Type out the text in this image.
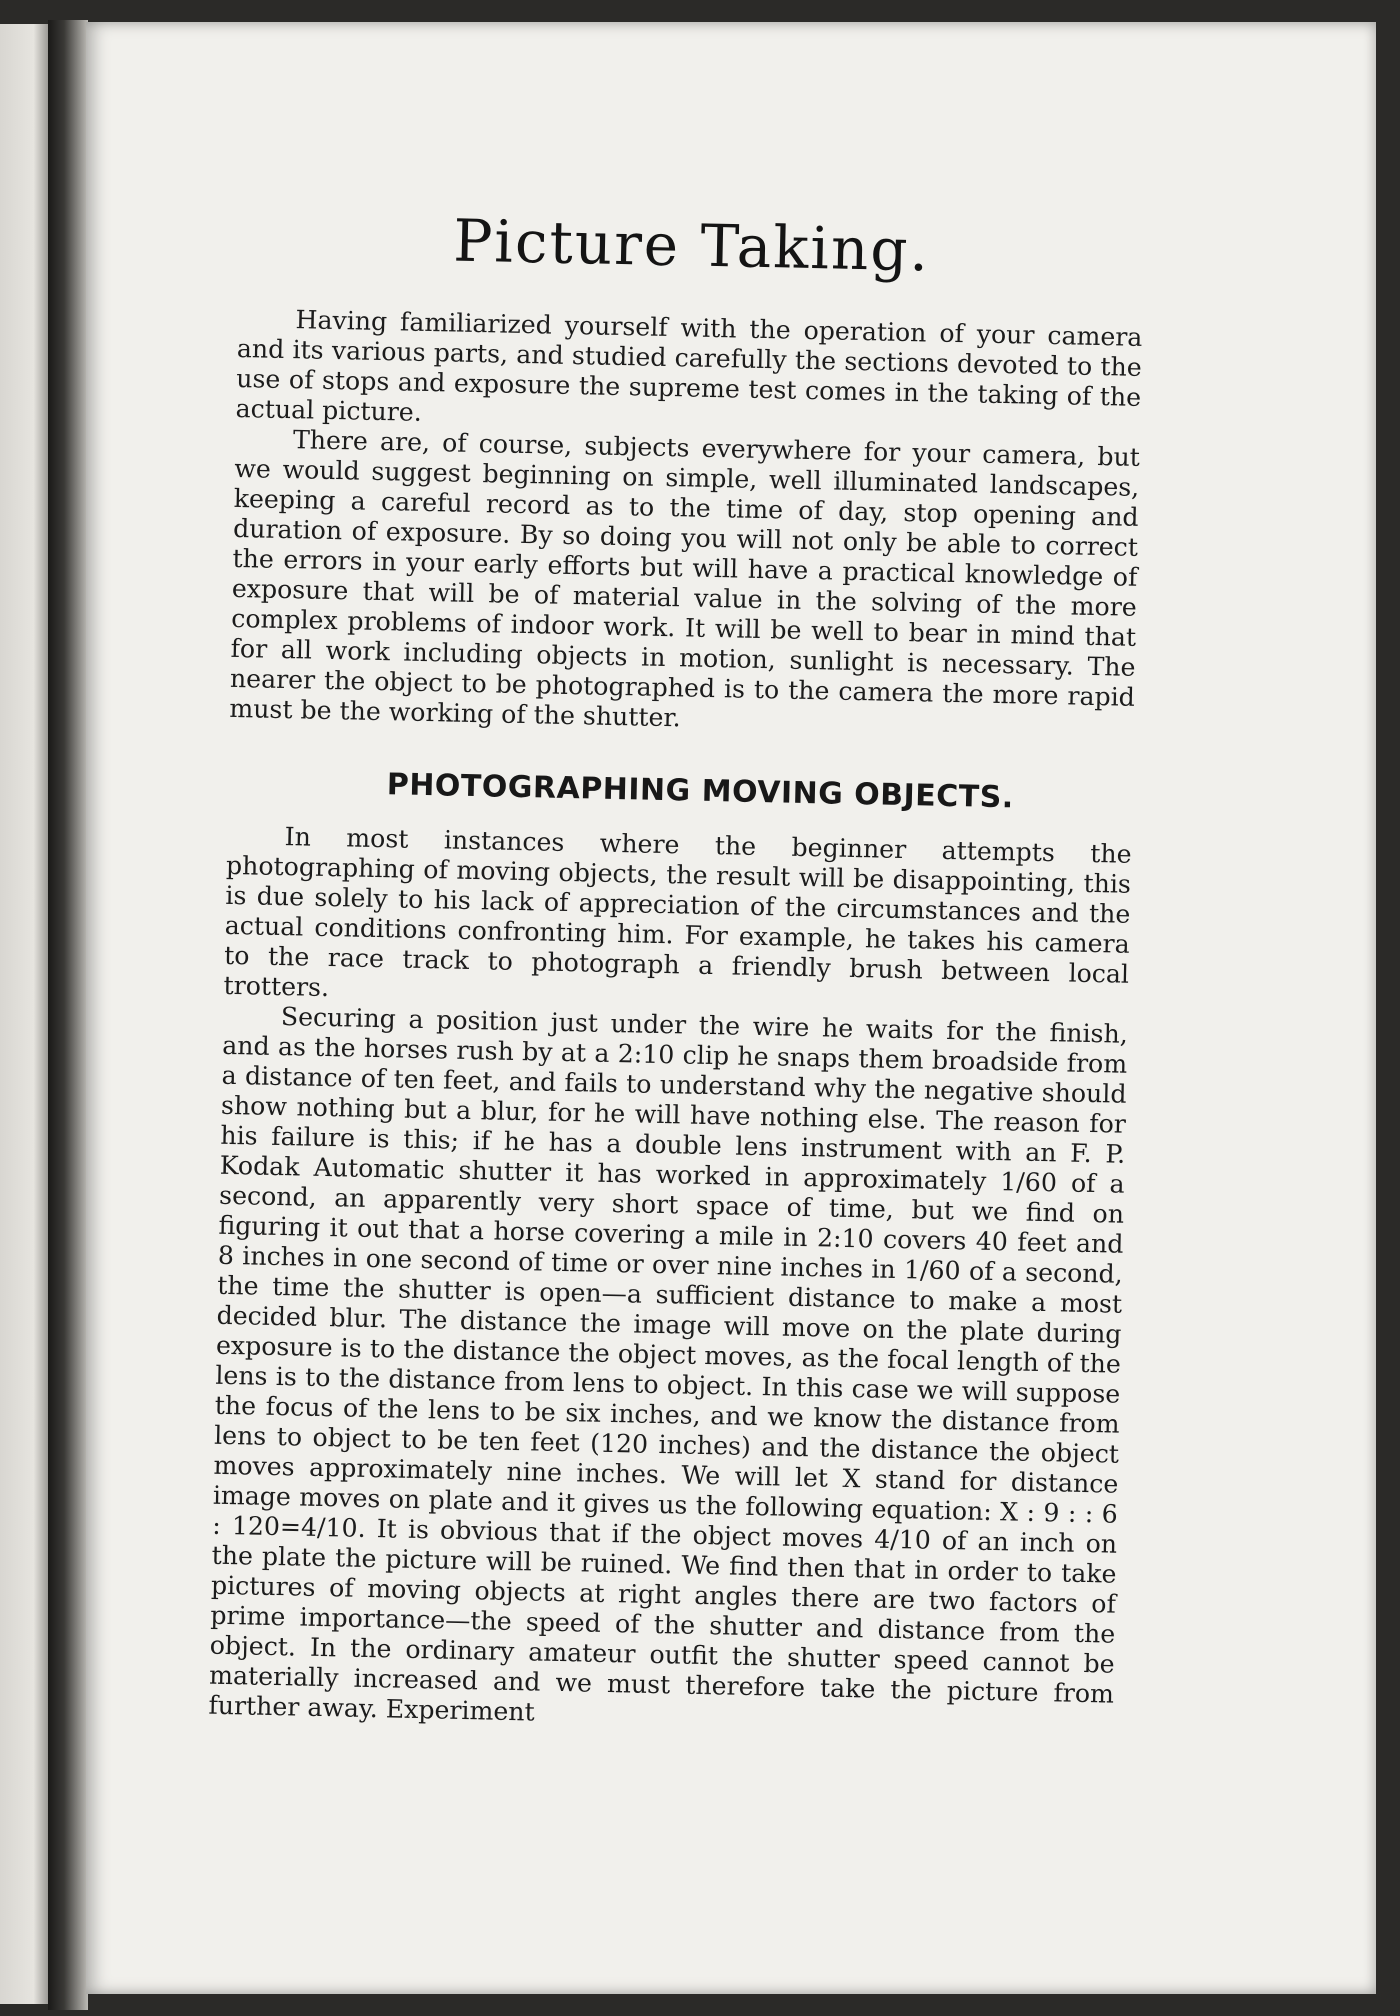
Picture Taking.

Having familiarized yourself with the operation of your camera and its various parts, and studied carefully the sections devoted to the use of stops and exposure the supreme test comes in the taking of the actual picture.

There are, of course, subjects everywhere for your camera, but we would suggest beginning on simple, well illuminated landscapes, keeping a careful record as to the time of day, stop opening and duration of exposure. By so doing you will not only be able to correct the errors in your early efforts but will have a practical knowledge of exposure that will be of material value in the solving of the more complex problems of indoor work. It will be well to bear in mind that for all work including objects in motion, sunlight is necessary. The nearer the object to be photographed is to the camera the more rapid must be the working of the shutter.

PHOTOGRAPHING MOVING OBJECTS.

In most instances where the beginner attempts the photographing of moving objects, the result will be disappointing, this is due solely to his lack of appreciation of the circumstances and the actual conditions confronting him. For example, he takes his camera to the race track to photograph a friendly brush between local trotters.

Securing a position just under the wire he waits for the finish, and as the horses rush by at a 2:10 clip he snaps them broadside from a distance of ten feet, and fails to understand why the negative should show nothing but a blur, for he will have nothing else. The reason for his failure is this; if he has a double lens instrument with an F. P. Kodak Automatic shutter it has worked in approximately 1/60 of a second, an apparently very short space of time, but we find on figuring it out that a horse covering a mile in 2:10 covers 40 feet and 8 inches in one second of time or over nine inches in 1/60 of a second, the time the shutter is open—a sufficient distance to make a most decided blur. The distance the image will move on the plate during exposure is to the distance the object moves, as the focal length of the lens is to the distance from lens to object. In this case we will suppose the focus of the lens to be six inches, and we know the distance from lens to object to be ten feet (120 inches) and the distance the object moves approximately nine inches. We will let X stand for distance image moves on plate and it gives us the following equation: X : 9 : : 6 : 120=4/10. It is obvious that if the object moves 4/10 of an inch on the plate the picture will be ruined. We find then that in order to take pictures of moving objects at right angles there are two factors of prime importance—the speed of the shutter and distance from the object. In the ordinary amateur outfit the shutter speed cannot be materially increased and we must therefore take the picture from further away. Experiment
